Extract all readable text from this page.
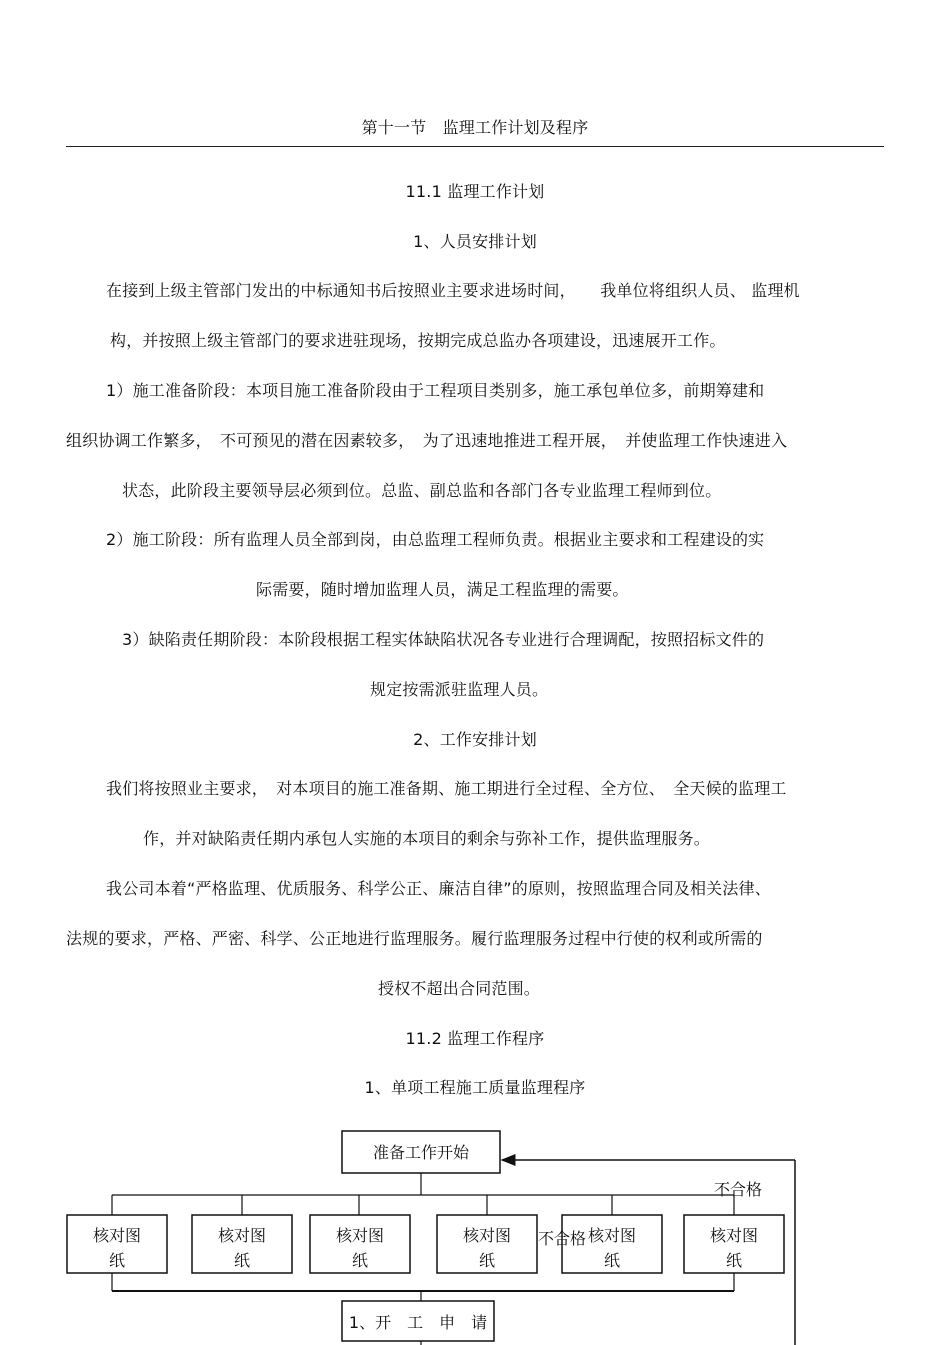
第十一节　监理工作计划及程序
11.1 监理工作计划
1、人员安排计划
在接到上级主管部门发出的中标通知书后按照业主要求进场时间，　　我单位将组织人员、 监理机
构，并按照上级主管部门的要求进驻现场，按期完成总监办各项建设，迅速展开工作。
1）施工准备阶段：本项目施工准备阶段由于工程项目类别多，施工承包单位多，前期筹建和
组织协调工作繁多，　不可预见的潜在因素较多，　为了迅速地推进工程开展，　并使监理工作快速进入
状态，此阶段主要领导层必须到位。总监、副总监和各部门各专业监理工程师到位。
2）施工阶段：所有监理人员全部到岗，由总监理工程师负责。根据业主要求和工程建设的实
际需要，随时增加监理人员，满足工程监理的需要。
3）缺陷责任期阶段：本阶段根据工程实体缺陷状况各专业进行合理调配，按照招标文件的
规定按需派驻监理人员。
2、工作安排计划
我们将按照业主要求，　对本项目的施工准备期、施工期进行全过程、全方位、　全天候的监理工
作，并对缺陷责任期内承包人实施的本项目的剩余与弥补工作，提供监理服务。
我公司本着“严格监理、优质服务、科学公正、廉洁自律”的原则，按照监理合同及相关法律、
法规的要求，严格、严密、科学、公正地进行监理服务。履行监理服务过程中行使的权利或所需的
授权不超出合同范围。
11.2 监理工作程序
1、单项工程施工质量监理程序
准备工作开始
核对图
纸
核对图
纸
核对图
纸
核对图
纸
核对图
纸
核对图
纸
不合格
1、开　工　申　请
不合格
